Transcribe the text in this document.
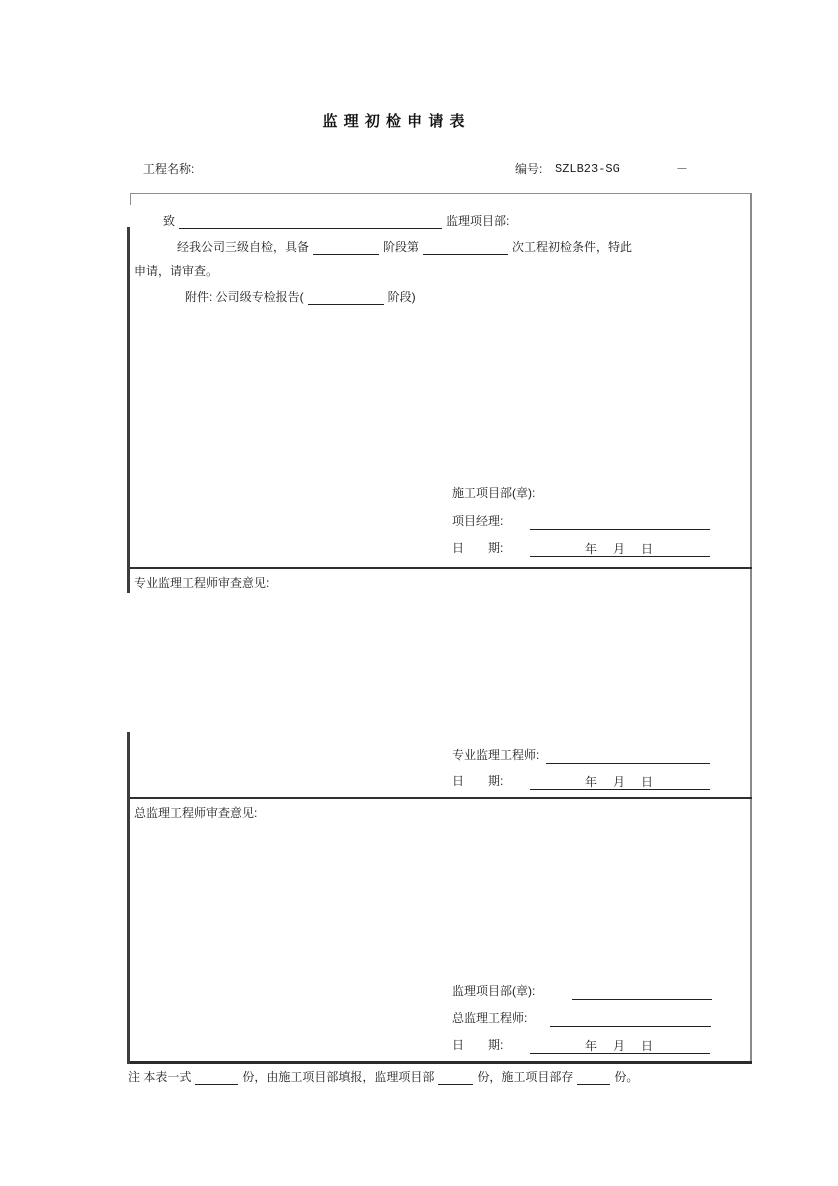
监 理 初 检 申 请 表
工程名称:	编号: SZLB23-SG	－
致	监理项目部:
经我公司三级自检，具备	阶段第	次工程初检条件，特此
申请，请审查。
附件: 公司级专检报告(	阶段)
施工项目部(章):
项目经理:
日　　期:	年　月　日
专业监理工程师审查意见:
专业监理工程师:
日　　期:	年　月　日
总监理工程师审查意见:
监理项目部(章):
总监理工程师:
日　　期:	年　月　日
注 本表一式	份，由施工项目部填报，监理项目部	份，施工项目部存	份。
